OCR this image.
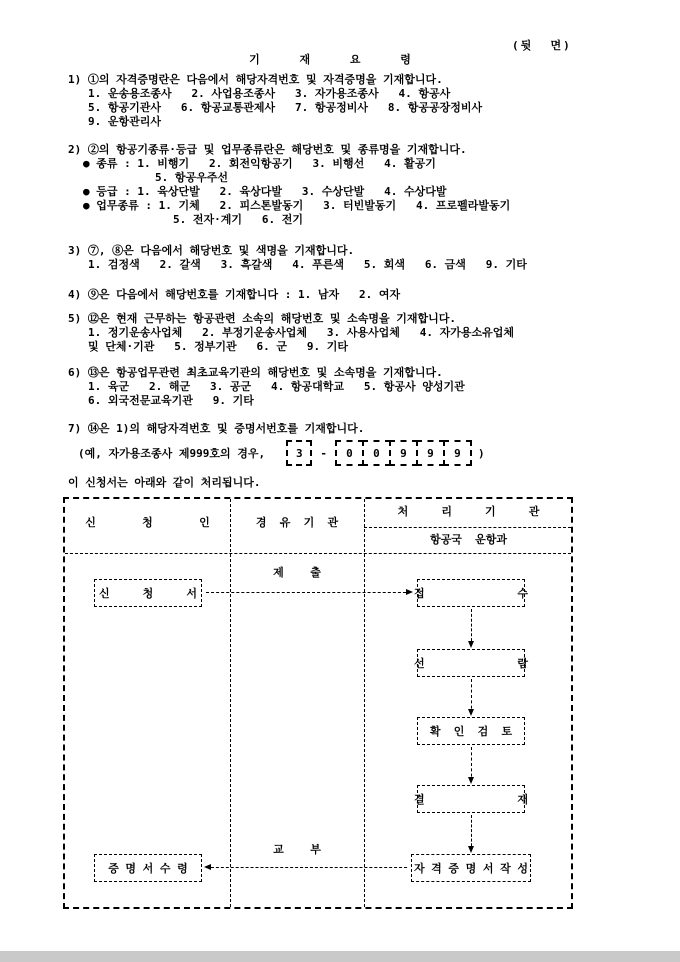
(뒷  면)
기      재      요      령
1) ①의 자격증명란은 다음에서 해당자격번호 및 자격증명을 기재합니다.
1. 운송용조종사   2. 사업용조종사   3. 자가용조종사   4. 항공사
5. 항공기관사   6. 항공교통관제사   7. 항공정비사   8. 항공공장정비사
9. 운항관리사
2) ②의 항공기종류·등급 및 업무종류란은 해당번호 및 종류명을 기재합니다.
● 종류 : 1. 비행기   2. 회전익항공기   3. 비행선   4. 활공기
5. 항공우주선
● 등급 : 1. 육상단발   2. 육상다발   3. 수상단발   4. 수상다발
● 업무종류 : 1. 기체   2. 피스톤발동기   3. 터빈발동기   4. 프로펠라발동기
5. 전자·계기   6. 전기
3) ⑦, ⑧은 다음에서 해당번호 및 색명을 기재합니다.
1. 검정색   2. 갈색   3. 흑갈색   4. 푸른색   5. 회색   6. 금색   9. 기타
4) ⑨은 다음에서 해당번호를 기재합니다 : 1. 남자   2. 여자
5) ⑫은 현재 근무하는 항공관련 소속의 해당번호 및 소속명을 기재합니다.
1. 정기운송사업체   2. 부정기운송사업체   3. 사용사업체   4. 자가용소유업체
및 단체·기관   5. 정부기관   6. 군   9. 기타
6) ⑬은 항공업무관련 최초교육기관의 해당번호 및 소속명을 기재합니다.
1. 육군   2. 해군   3. 공군   4. 항공대학교   5. 항공사 양성기관
6. 외국전문교육기관   9. 기타
7) ⑭은 1)의 해당자격번호 및 증명서번호를 기재합니다.
(예, 자가용조종사 제999호의 경우,	3	-	0	0	9	9	9	)
이 신청서는 아래와 같이 처리됩니다.
신       청       인	경  유  기  관
처     리     기     관
항공국  운항과
신     청     서	접              수
선              람
확  인  검  토
결              재
자 격 증 명 서 작 성
증 명 서 수 령
제    출
교    부
